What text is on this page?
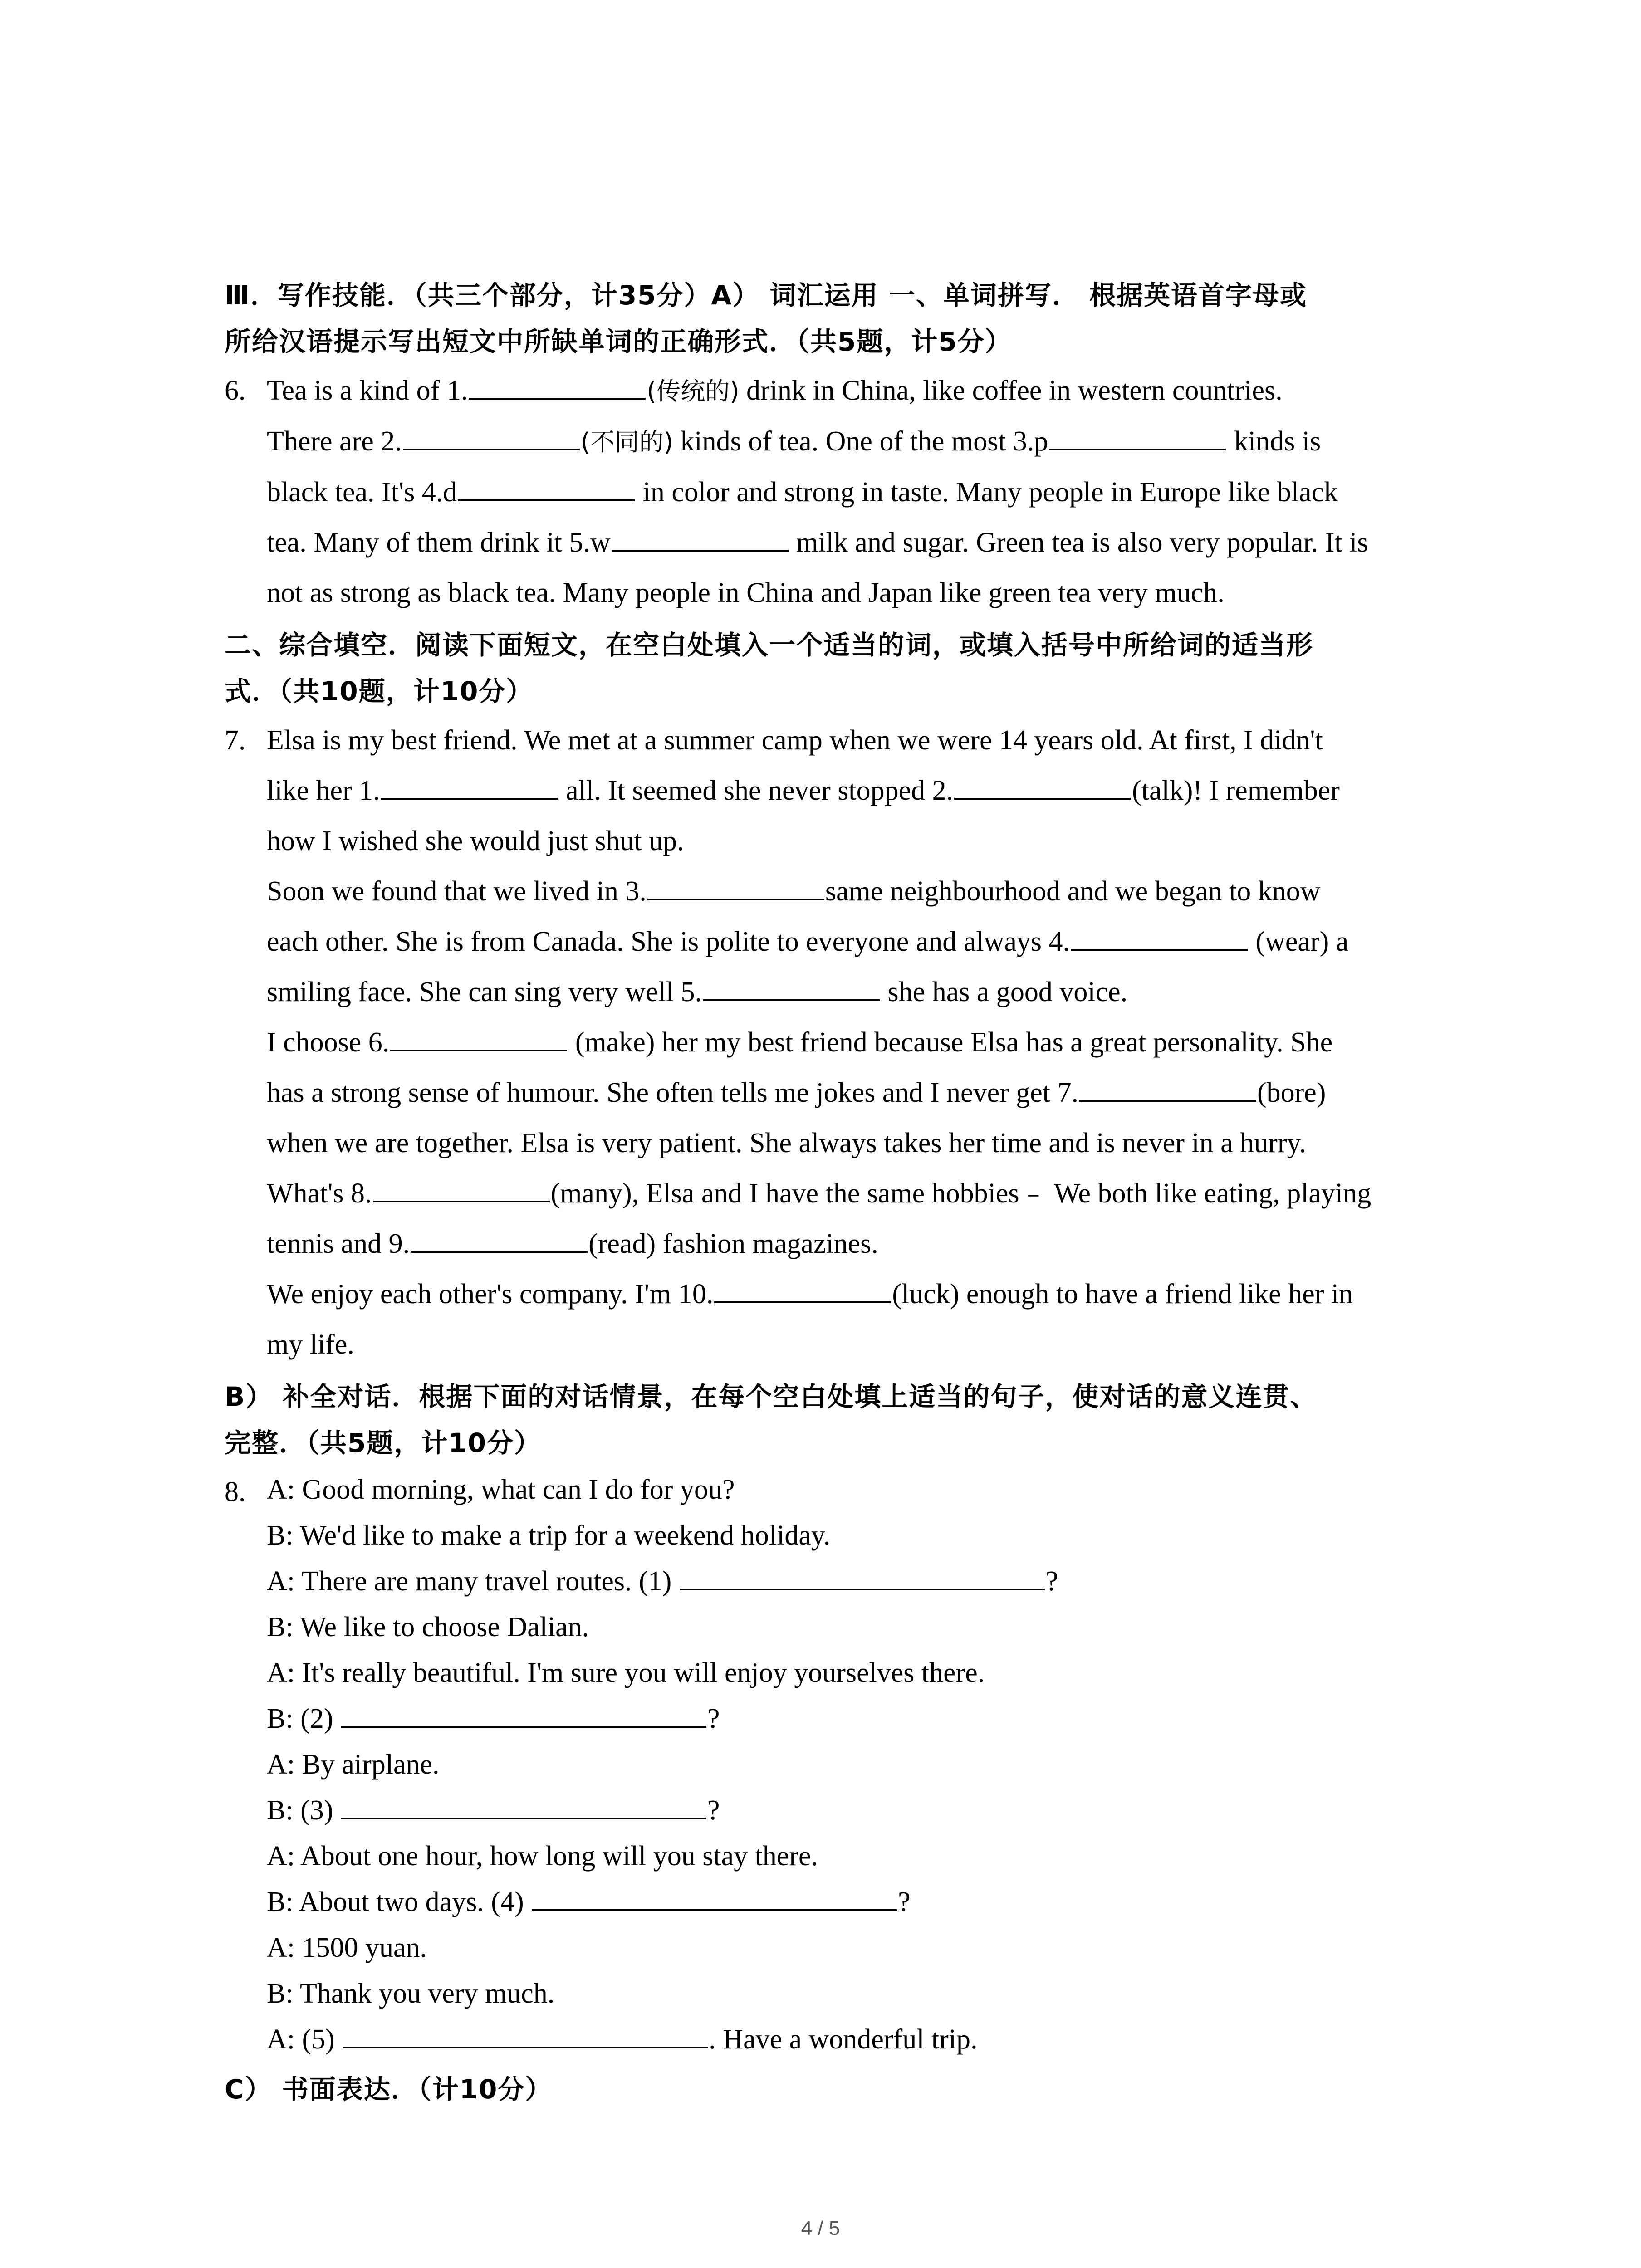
Ⅲ．写作技能．（共三个部分，计35分）A） 词汇运用 一、单词拼写． 根据英语首字母或

所给汉语提示写出短文中所缺单词的正确形式．（共5题，计5分）

6. Tea is a kind of 1.	(传统的) drink in China, like coffee in western countries.

There are 2.	(不同的) kinds of tea. One of the most 3.p	kinds is

black tea. It's 4.d	in color and strong in taste. Many people in Europe like black

tea. Many of them drink it 5.w	milk and sugar. Green tea is also very popular. It is

not as strong as black tea. Many people in China and Japan like green tea very much.

二、综合填空．阅读下面短文，在空白处填入一个适当的词，或填入括号中所给词的适当形

式．（共10题，计10分）

7. Elsa is my best friend. We met at a summer camp when we were 14 years old. At first, I didn't

like her 1.	all. It seemed she never stopped 2.	(talk)! I remember

how I wished she would just shut up.

Soon we found that we lived in 3.	same neighbourhood and we began to know

each other. She is from Canada. She is polite to everyone and always 4.	(wear) a

smiling face. She can sing very well 5.	she has a good voice.

I choose 6.	(make) her my best friend because Elsa has a great personality. She

has a strong sense of humour. She often tells me jokes and I never get 7.	(bore)

when we are together. Elsa is very patient. She always takes her time and is never in a hurry.

What's 8.	(many), Elsa and I have the same hobbies﹣ We both like eating, playing

tennis and 9.	(read) fashion magazines.

We enjoy each other's company. I'm 10.	(luck) enough to have a friend like her in

my life.

B） 补全对话．根据下面的对话情景，在每个空白处填上适当的句子，使对话的意义连贯、

完整．（共5题，计10分）

8. A: Good morning, what can I do for you?

B: We'd like to make a trip for a weekend holiday.

A: There are many travel routes. (1)	?

B: We like to choose Dalian.

A: It's really beautiful. I'm sure you will enjoy yourselves there.

B: (2)	?

A: By airplane.

B: (3)	?

A: About one hour, how long will you stay there.

B: About two days. (4)	?

A: 1500 yuan.

B: Thank you very much.

A: (5)	. Have a wonderful trip.

C） 书面表达．（计10分）

4 / 5
